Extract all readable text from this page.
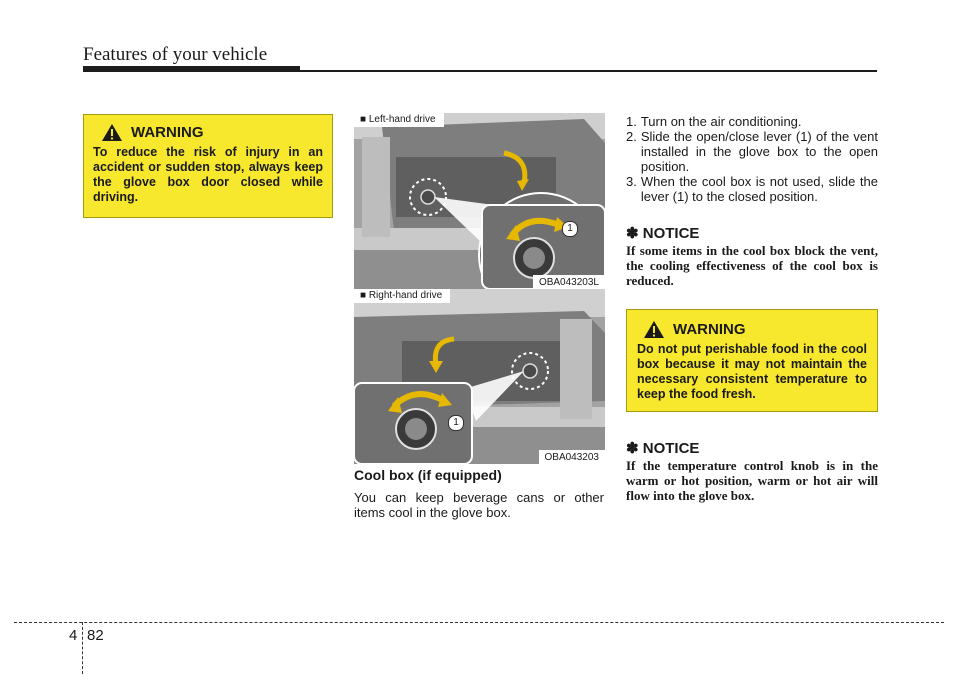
Features of your vehicle
WARNING
To reduce the risk of injury in an accident or sudden stop, always keep the glove box door closed while driving.
■ Left-hand drive
1
OBA043203L
■ Right-hand drive
1
OBA043203
Cool box (if equipped)
You can keep beverage cans or other items cool in the glove box.
1. Turn on the air conditioning.
2. Slide the open/close lever (1) of the vent installed in the glove box to the open position.
3. When the cool box is not used, slide the lever (1) to the closed position.
✽ NOTICE
If some items in the cool box block the vent, the cooling effectiveness of the cool box is reduced.
WARNING
Do not put perishable food in the cool box because it may not maintain the necessary consistent temperature to keep the food fresh.
✽ NOTICE
If the temperature control knob is in the warm or hot position, warm or hot air will flow into the glove box.
4 82
